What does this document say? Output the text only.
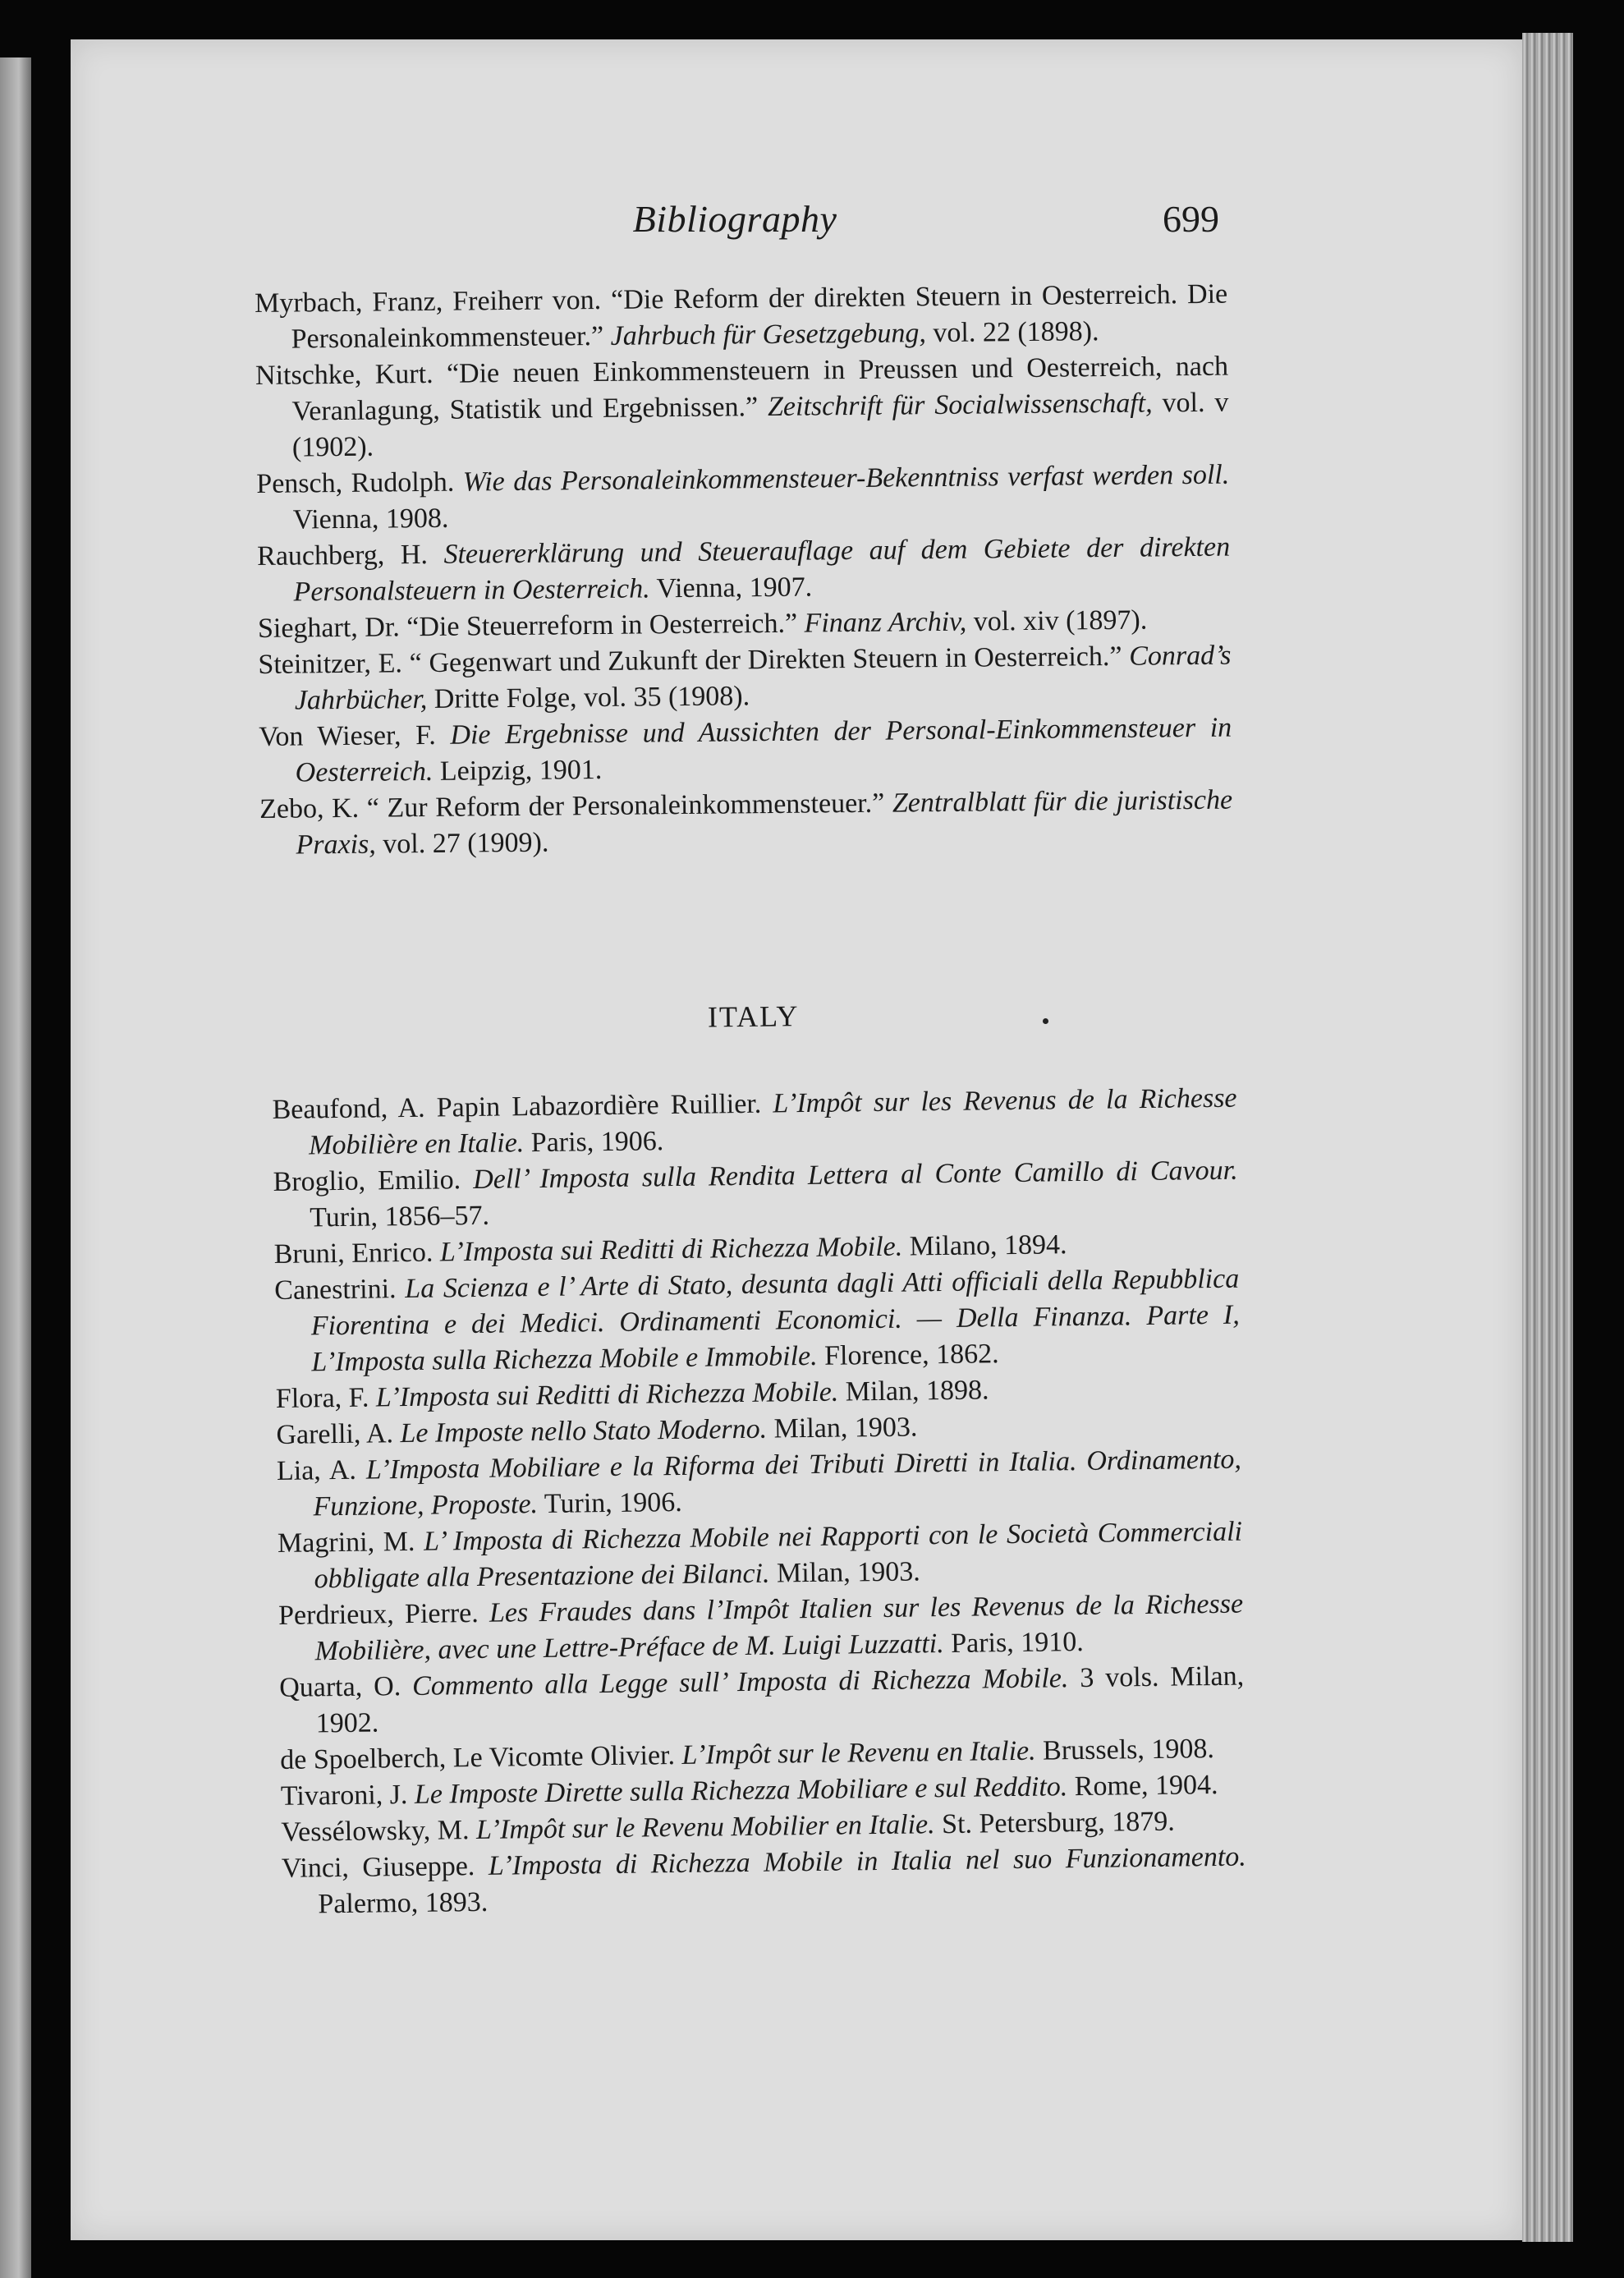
Bibliography	699

Myrbach, Franz, Freiherr von. “Die Reform der direkten Steuern in Oesterreich. Die Personaleinkommensteuer.” Jahrbuch für Gesetzgebung, vol. 22 (1898).

Nitschke, Kurt. “Die neuen Einkommensteuern in Preussen und Oesterreich, nach Veranlagung, Statistik und Ergebnissen.” Zeitschrift für Socialwissenschaft, vol. v (1902).

Pensch, Rudolph. Wie das Personaleinkommensteuer-Bekenntniss verfast werden soll. Vienna, 1908.

Rauchberg, H. Steuererklärung und Steuerauflage auf dem Gebiete der direkten Personalsteuern in Oesterreich. Vienna, 1907.

Sieghart, Dr. “Die Steuerreform in Oesterreich.” Finanz Archiv, vol. xiv (1897).

Steinitzer, E. “ Gegenwart und Zukunft der Direkten Steuern in Oesterreich.” Conrad’s Jahrbücher, Dritte Folge, vol. 35 (1908).

Von Wieser, F. Die Ergebnisse und Aussichten der Personal-Einkommensteuer in Oesterreich. Leipzig, 1901.

Zebo, K. “ Zur Reform der Personaleinkommensteuer.” Zentralblatt für die juristische Praxis, vol. 27 (1909).

ITALY

Beaufond, A. Papin Labazordière Ruillier. L’Impôt sur les Revenus de la Richesse Mobilière en Italie. Paris, 1906.

Broglio, Emilio. Dell’ Imposta sulla Rendita Lettera al Conte Camillo di Cavour. Turin, 1856–57.

Bruni, Enrico. L’Imposta sui Reditti di Richezza Mobile. Milano, 1894.

Canestrini. La Scienza e l’ Arte di Stato, desunta dagli Atti officiali della Repubblica Fiorentina e dei Medici. Ordinamenti Economici. — Della Finanza. Parte I, L’Imposta sulla Richezza Mobile e Immobile. Florence, 1862.

Flora, F. L’Imposta sui Reditti di Richezza Mobile. Milan, 1898.

Garelli, A. Le Imposte nello Stato Moderno. Milan, 1903.

Lia, A. L’Imposta Mobiliare e la Riforma dei Tributi Diretti in Italia. Ordinamento, Funzione, Proposte. Turin, 1906.

Magrini, M. L’ Imposta di Richezza Mobile nei Rapporti con le Società Commerciali obbligate alla Presentazione dei Bilanci. Milan, 1903.

Perdrieux, Pierre. Les Fraudes dans l’Impôt Italien sur les Revenus de la Richesse Mobilière, avec une Lettre-Préface de M. Luigi Luzzatti. Paris, 1910.

Quarta, O. Commento alla Legge sull’ Imposta di Richezza Mobile. 3 vols. Milan, 1902.

de Spoelberch, Le Vicomte Olivier. L’Impôt sur le Revenu en Italie. Brussels, 1908.

Tivaroni, J. Le Imposte Dirette sulla Richezza Mobiliare e sul Reddito. Rome, 1904.

Vessélowsky, M. L’Impôt sur le Revenu Mobilier en Italie. St. Petersburg, 1879.

Vinci, Giuseppe. L’Imposta di Richezza Mobile in Italia nel suo Funzionamento. Palermo, 1893.
